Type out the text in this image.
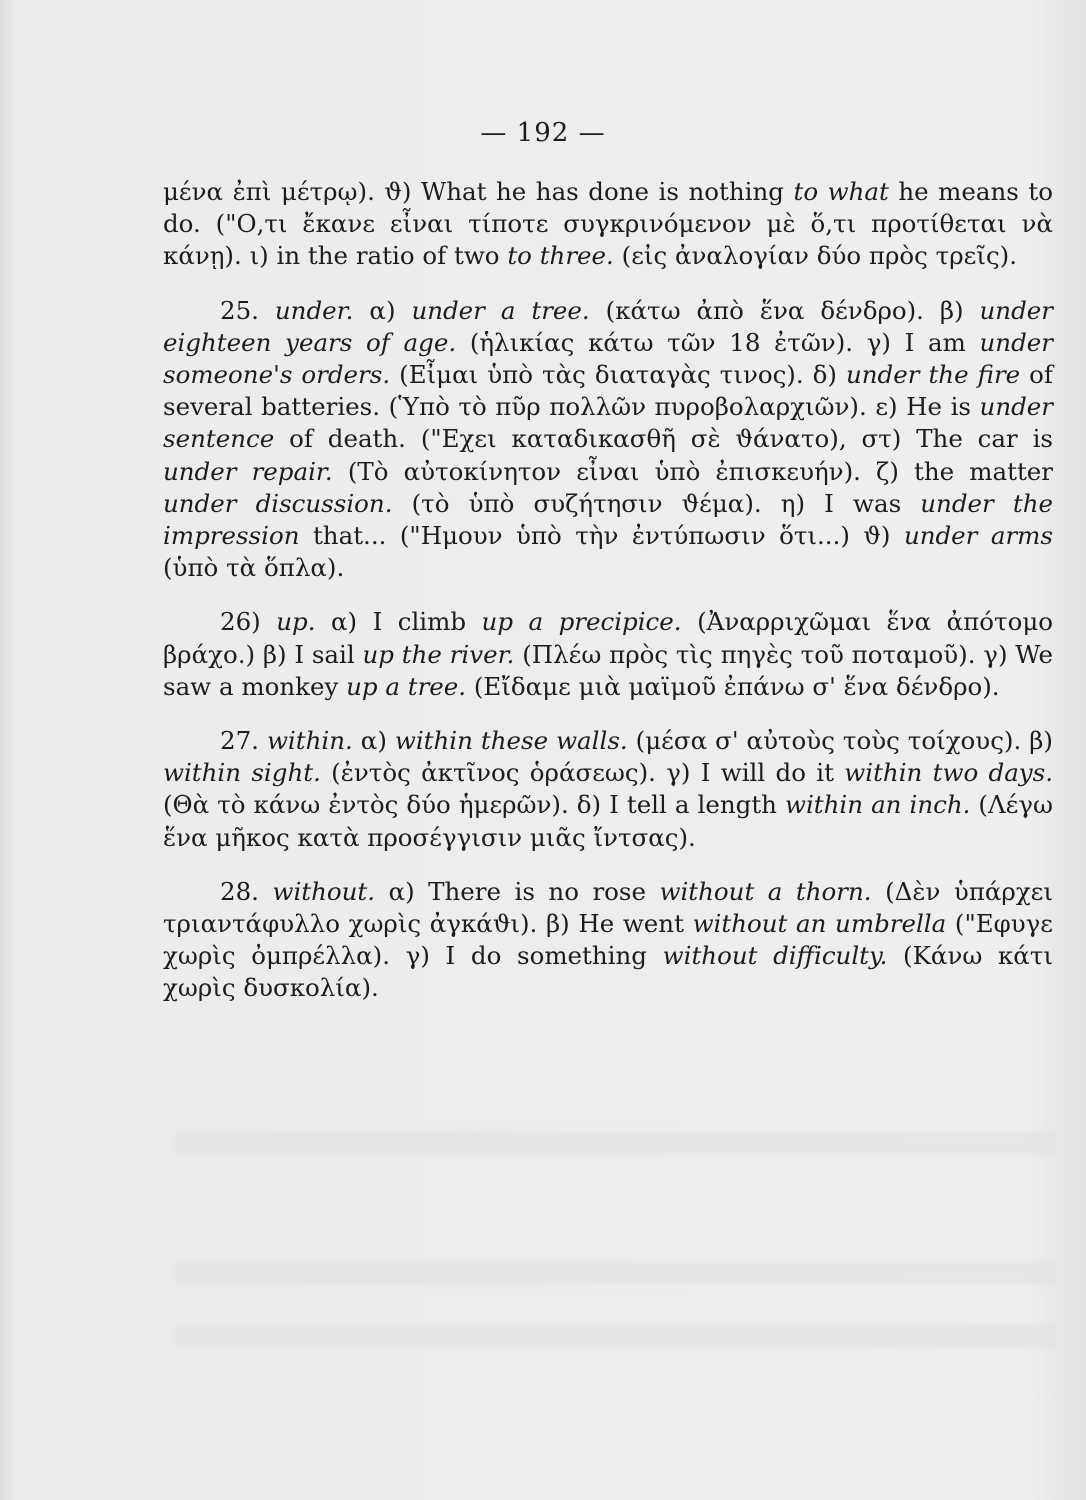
— 192 —

μένα ἐπὶ μέτρῳ). ϑ) What he has done is nothing to what he means to do. ("Ο,τι ἔκανε εἶναι τίποτε συγκρινόμενον μὲ ὅ,τι προτίθεται νὰ κάνῃ). ι) in the ratio of two to three. (εἰς ἀναλογίαν δύο πρὸς τρεῖς).

25. under. α) under a tree. (κάτω ἀπὸ ἕνα δένδρο). β) under eighteen years of age. (ἡλικίας κάτω τῶν 18 ἐτῶν). γ) I am under someone's orders. (Εἶμαι ὑπὸ τὰς διαταγὰς τινος). δ) under the fire of several batteries. (Ὑπὸ τὸ πῦρ πολλῶν πυροβολαρχιῶν). ε) He is under sentence of death. ("Εχει καταδικασθῆ σὲ ϑάνατο), στ) The car is under repair. (Τὸ αὐτοκίνητον εἶναι ὑπὸ ἐπισκευήν). ζ) the matter under discussion. (τὸ ὑπὸ συζήτησιν ϑέμα). η) I was under the impression that... ("Ημουν ὑπὸ τὴν ἐντύπωσιν ὅτι...) ϑ) under arms (ὑπὸ τὰ ὅπλα).

26) up. α) I climb up a precipice. (Ἀναρριχῶμαι ἕνα ἀπότομο βράχο.) β) I sail up the river. (Πλέω πρὸς τὶς πηγὲς τοῦ ποταμοῦ). γ) We saw a monkey up a tree. (Εἴδαμε μιὰ μαϊμοῦ ἐπάνω σ' ἕνα δένδρο).

27. within. α) within these walls. (μέσα σ' αὐτοὺς τοὺς τοίχους). β) within sight. (ἐντὸς ἀκτῖνος ὁράσεως). γ) I will do it within two days. (Θὰ τὸ κάνω ἐντὸς δύο ἡμερῶν). δ) I tell a length within an inch. (Λέγω ἕνα μῆκος κατὰ προσέγγισιν μιᾶς ἴντσας).

28. without. α) There is no rose without a thorn. (Δὲν ὑπάρχει τριαντάφυλλο χωρὶς ἀγκάϑι). β) He went without an umbrella ("Εφυγε χωρὶς ὀμπρέλλα). γ) I do something without difficulty. (Κάνω κάτι χωρὶς δυσκολία).
